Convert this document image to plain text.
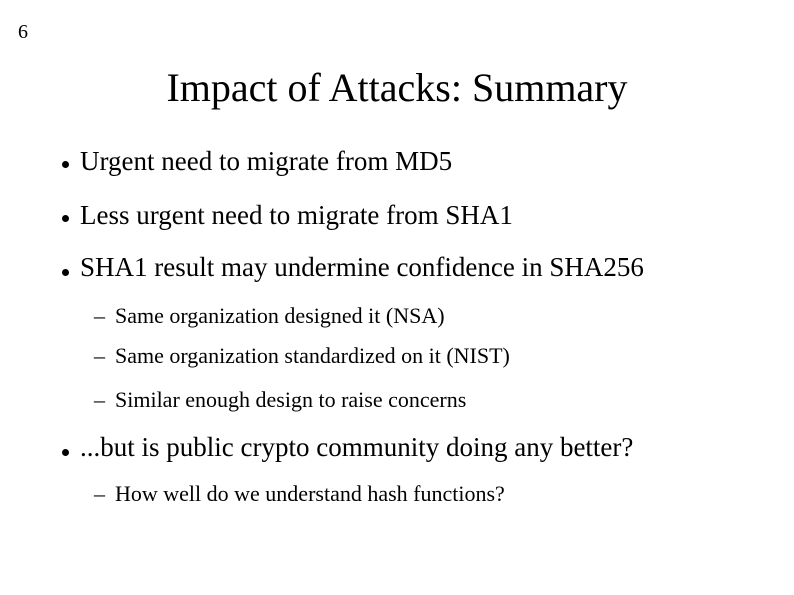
6
Impact of Attacks: Summary
Urgent need to migrate from MD5
Less urgent need to migrate from SHA1
SHA1 result may undermine confidence in SHA256
– Same organization designed it (NSA)
– Same organization standardized on it (NIST)
– Similar enough design to raise concerns
...but is public crypto community doing any better?
– How well do we understand hash functions?
